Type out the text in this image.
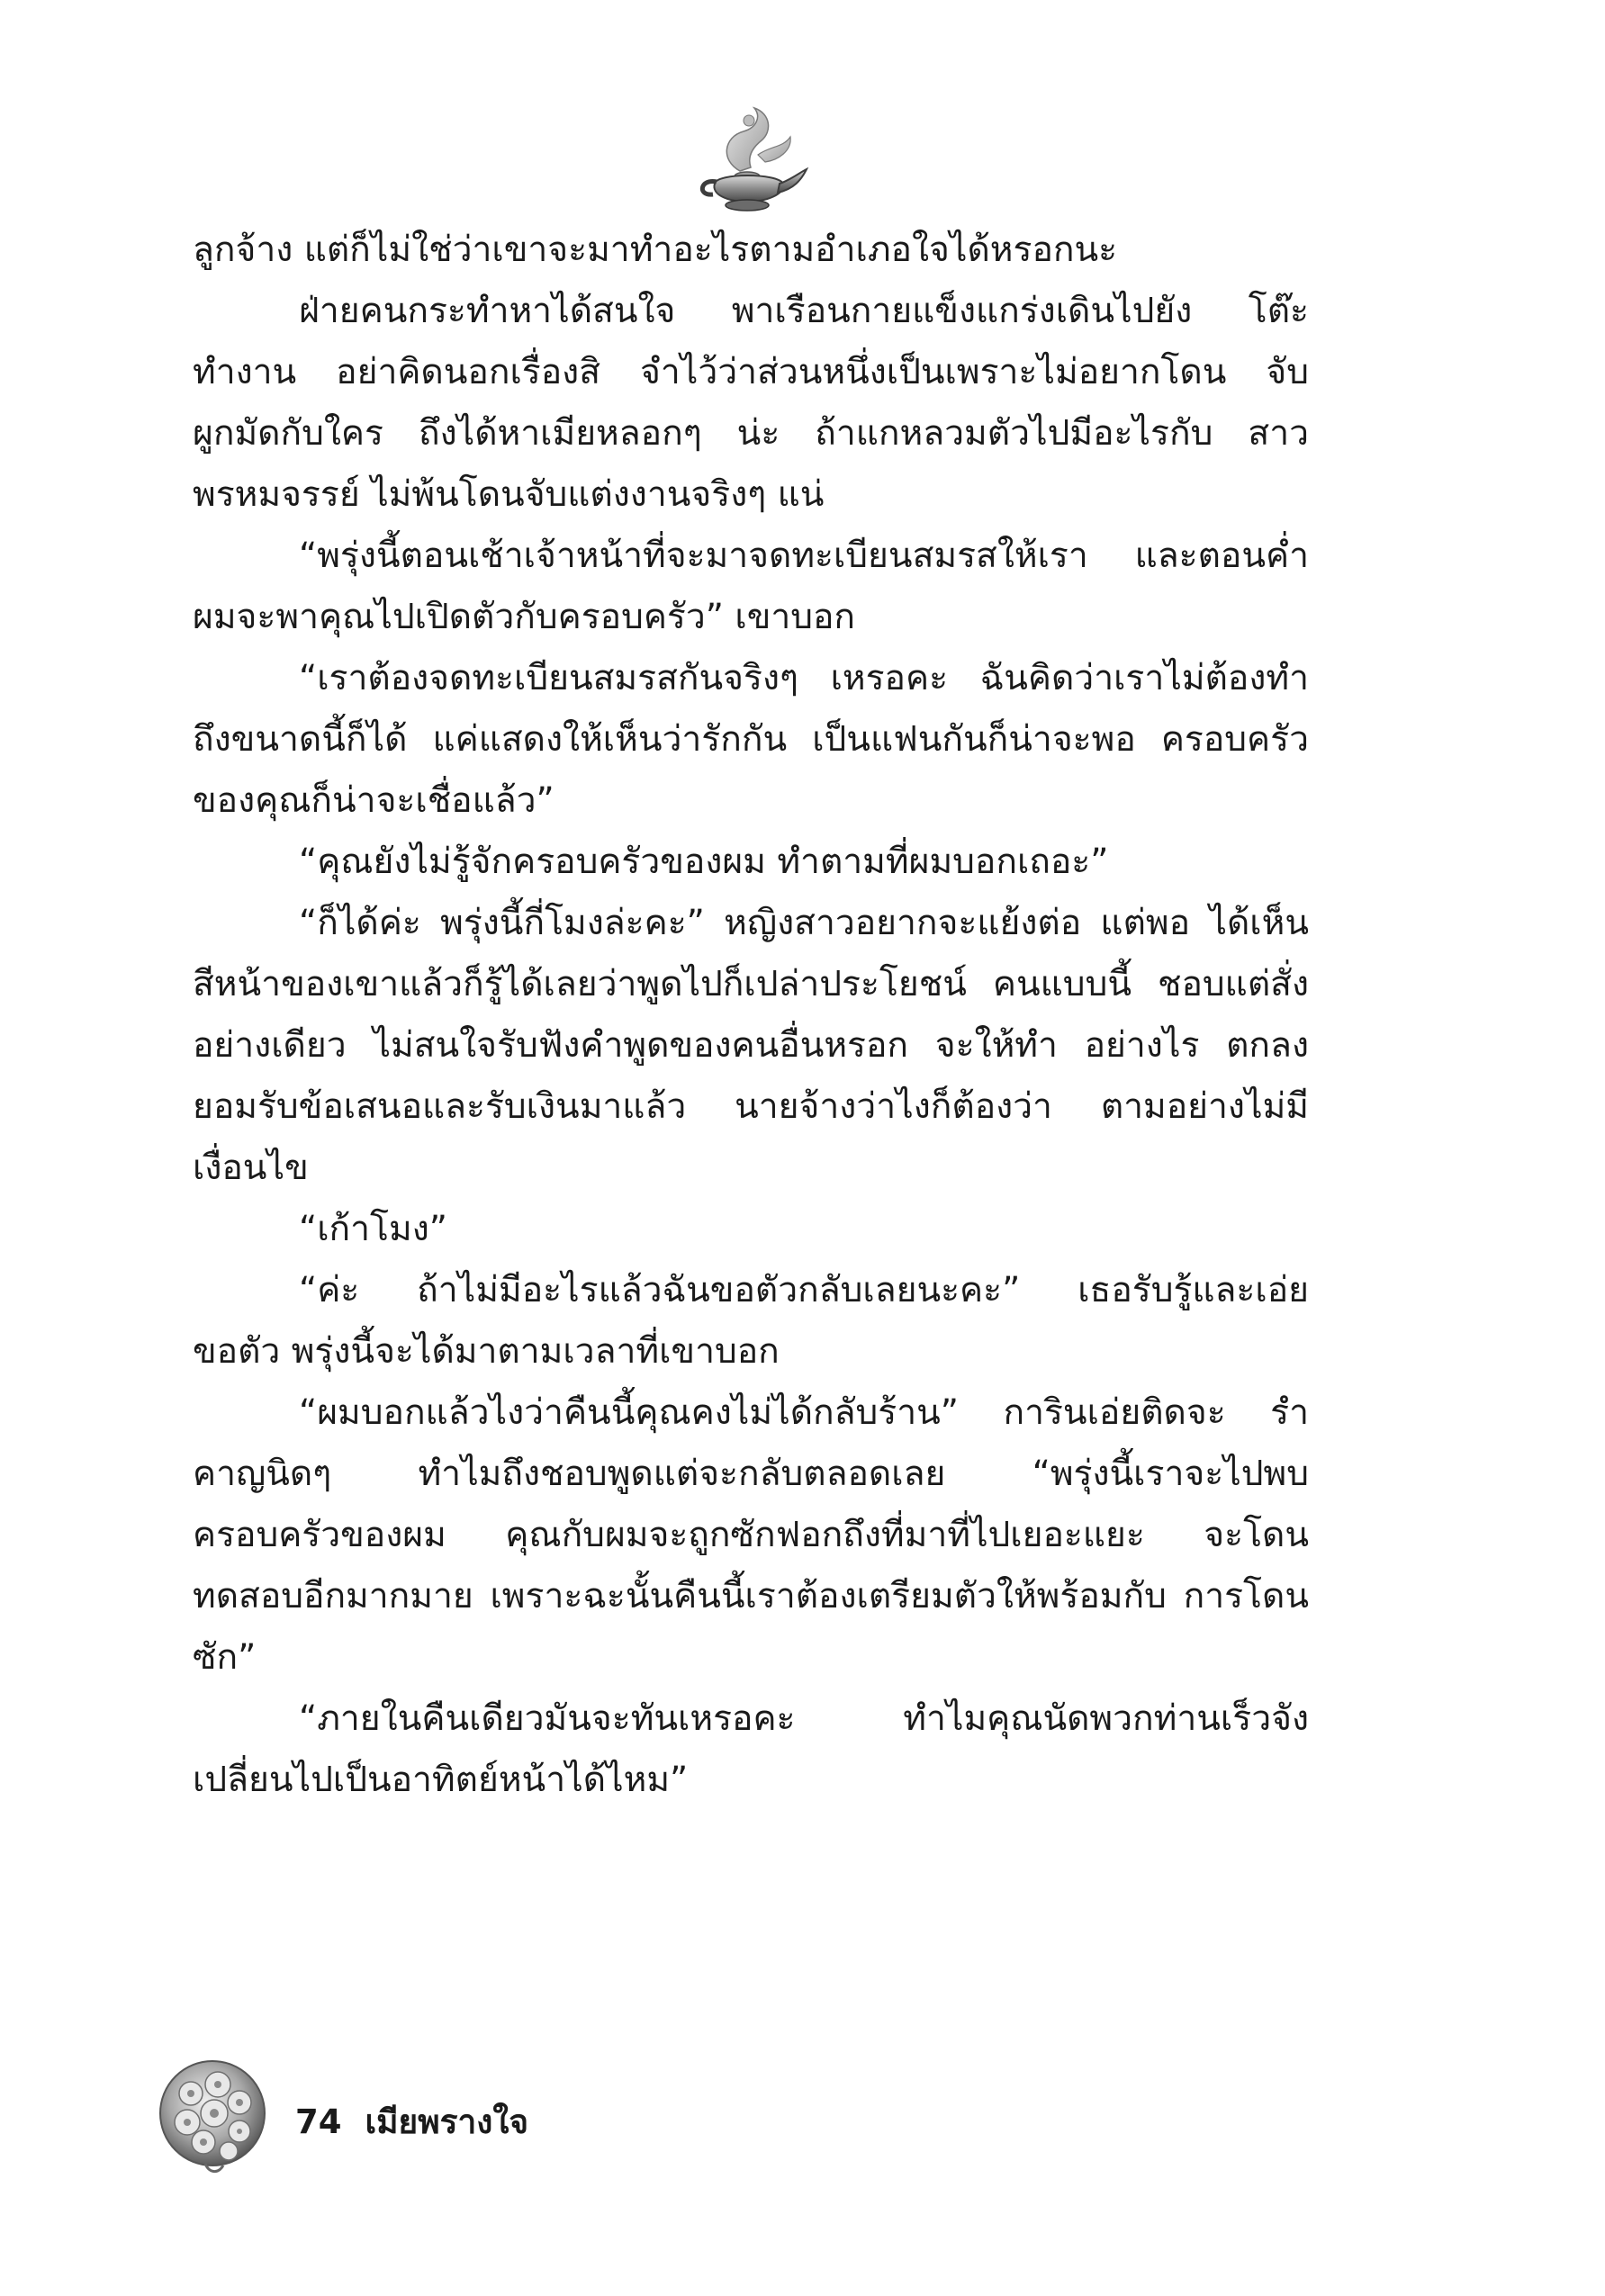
ลูกจ้าง แต่ก็ไม่ใช่ว่าเขาจะมาทำอะไรตามอำเภอใจได้หรอกนะ

ฝ่ายคนกระทำหาได้สนใจ พาเรือนกายแข็งแกร่งเดินไปยัง โต๊ะทำงาน อย่าคิดนอกเรื่องสิ จำไว้ว่าส่วนหนึ่งเป็นเพราะไม่อยากโดน จับผูกมัดกับใคร ถึงได้หาเมียหลอกๆ น่ะ ถ้าแกหลวมตัวไปมีอะไรกับ สาวพรหมจรรย์ ไม่พ้นโดนจับแต่งงานจริงๆ แน่

“พรุ่งนี้ตอนเช้าเจ้าหน้าที่จะมาจดทะเบียนสมรสให้เรา และตอนค่ำ ผมจะพาคุณไปเปิดตัวกับครอบครัว” เขาบอก

“เราต้องจดทะเบียนสมรสกันจริงๆ เหรอคะ ฉันคิดว่าเราไม่ต้องทำ ถึงขนาดนี้ก็ได้ แค่แสดงให้เห็นว่ารักกัน เป็นแฟนกันก็น่าจะพอ ครอบครัว ของคุณก็น่าจะเชื่อแล้ว”

“คุณยังไม่รู้จักครอบครัวของผม ทำตามที่ผมบอกเถอะ”

“ก็ได้ค่ะ พรุ่งนี้กี่โมงล่ะคะ” หญิงสาวอยากจะแย้งต่อ แต่พอ ได้เห็นสีหน้าของเขาแล้วก็รู้ได้เลยว่าพูดไปก็เปล่าประโยชน์ คนแบบนี้ ชอบแต่สั่งอย่างเดียว ไม่สนใจรับฟังคำพูดของคนอื่นหรอก จะให้ทำ อย่างไร ตกลงยอมรับข้อเสนอและรับเงินมาแล้ว นายจ้างว่าไงก็ต้องว่า ตามอย่างไม่มีเงื่อนไข

“เก้าโมง”

“ค่ะ ถ้าไม่มีอะไรแล้วฉันขอตัวกลับเลยนะคะ” เธอรับรู้และเอ่ย ขอตัว พรุ่งนี้จะได้มาตามเวลาที่เขาบอก

“ผมบอกแล้วไงว่าคืนนี้คุณคงไม่ได้กลับร้าน” การินเอ่ยติดจะ รำคาญนิดๆ ทำไมถึงชอบพูดแต่จะกลับตลอดเลย “พรุ่งนี้เราจะไปพบ ครอบครัวของผม คุณกับผมจะถูกซักฟอกถึงที่มาที่ไปเยอะแยะ จะโดน ทดสอบอีกมากมาย เพราะฉะนั้นคืนนี้เราต้องเตรียมตัวให้พร้อมกับ การโดนซัก”

“ภายในคืนเดียวมันจะทันเหรอคะ ทำไมคุณนัดพวกท่านเร็วจัง เปลี่ยนไปเป็นอาทิตย์หน้าได้ไหม”

74 เมียพรางใจ
